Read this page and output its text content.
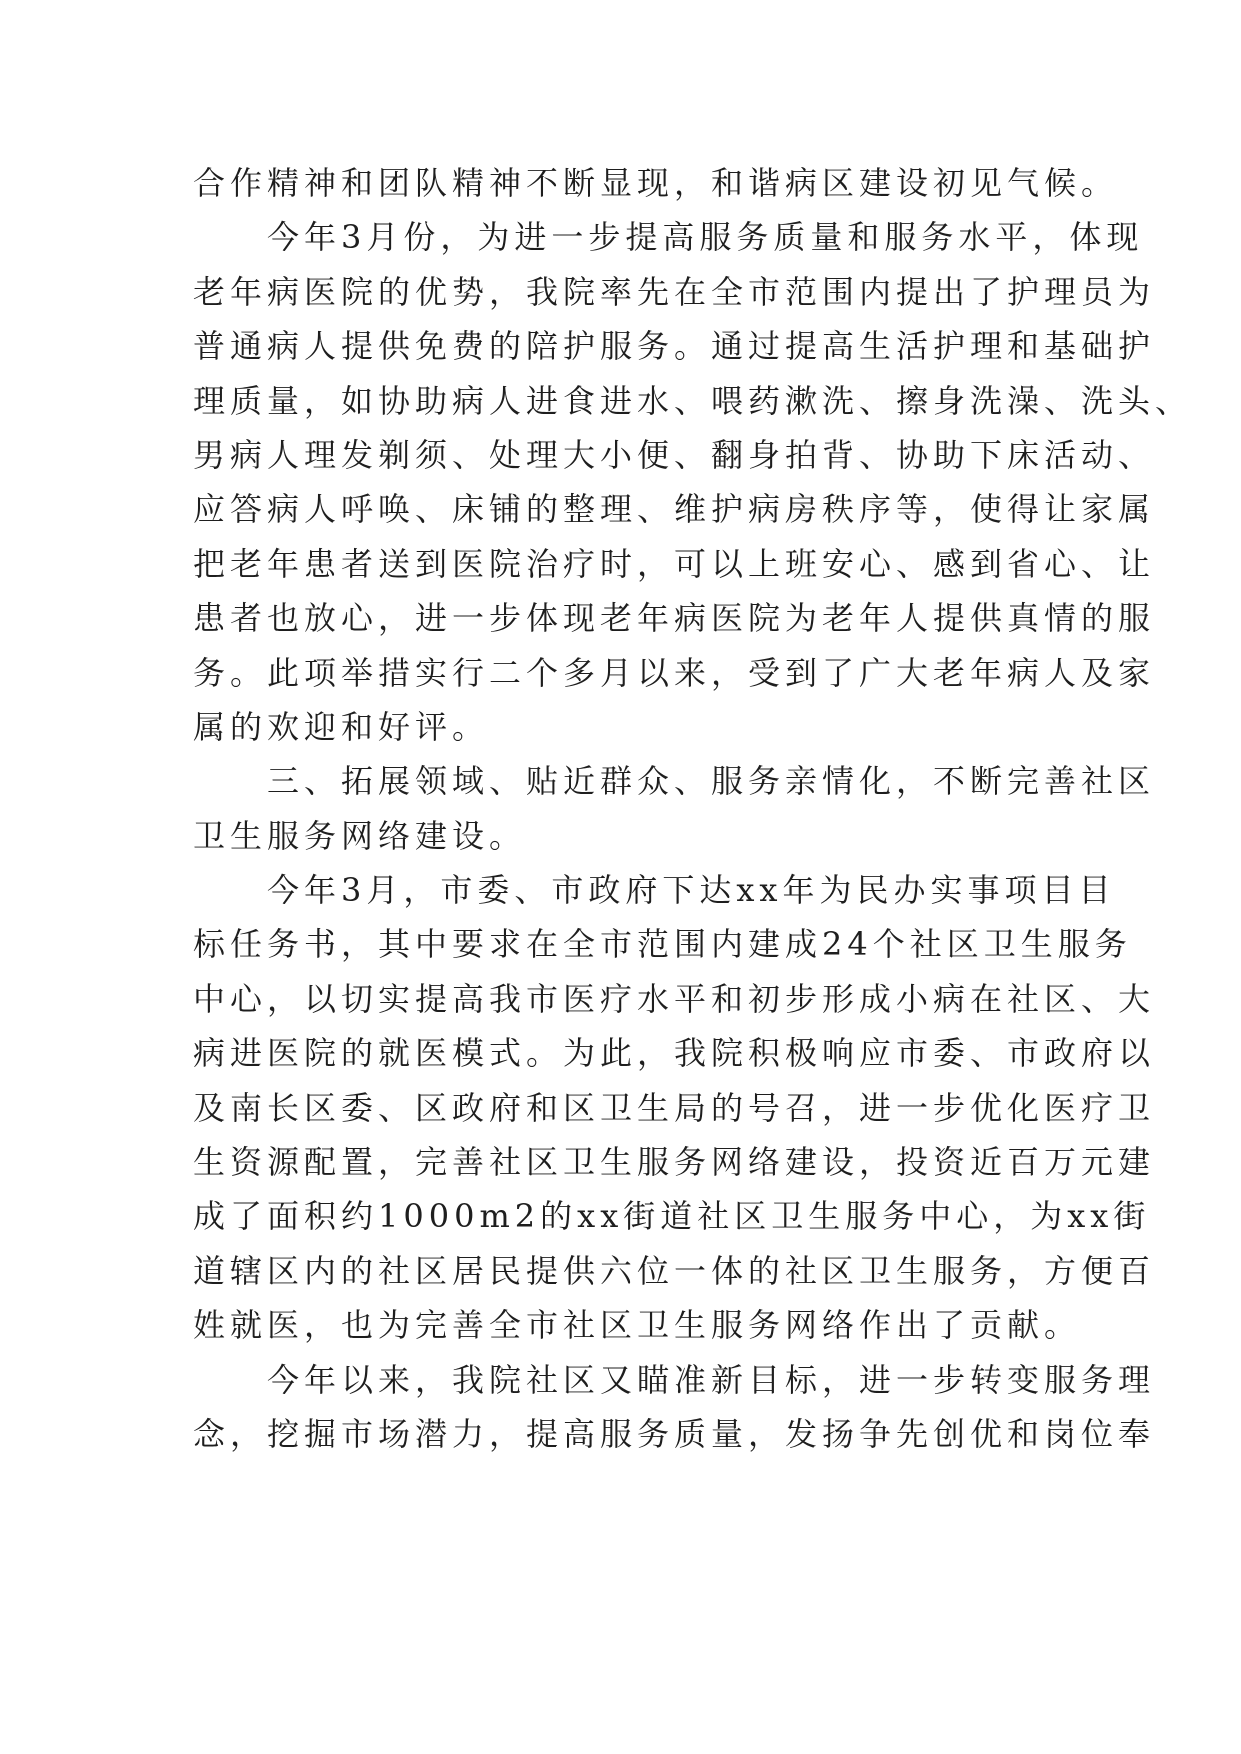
合作精神和团队精神不断显现，和谐病区建设初见气候。
　　今年3月份，为进一步提高服务质量和服务水平，体现
老年病医院的优势，我院率先在全市范围内提出了护理员为
普通病人提供免费的陪护服务。通过提高生活护理和基础护
理质量，如协助病人进食进水、喂药漱洗、擦身洗澡、洗头、
男病人理发剃须、处理大小便、翻身拍背、协助下床活动、
应答病人呼唤、床铺的整理、维护病房秩序等，使得让家属
把老年患者送到医院治疗时，可以上班安心、感到省心、让
患者也放心，进一步体现老年病医院为老年人提供真情的服
务。此项举措实行二个多月以来，受到了广大老年病人及家
属的欢迎和好评。
　　三、拓展领域、贴近群众、服务亲情化，不断完善社区
卫生服务网络建设。
　　今年3月，市委、市政府下达xx年为民办实事项目目
标任务书，其中要求在全市范围内建成24个社区卫生服务
中心，以切实提高我市医疗水平和初步形成小病在社区、大
病进医院的就医模式。为此，我院积极响应市委、市政府以
及南长区委、区政府和区卫生局的号召，进一步优化医疗卫
生资源配置，完善社区卫生服务网络建设，投资近百万元建
成了面积约1000m2的xx街道社区卫生服务中心，为xx街
道辖区内的社区居民提供六位一体的社区卫生服务，方便百
姓就医，也为完善全市社区卫生服务网络作出了贡献。
　　今年以来，我院社区又瞄准新目标，进一步转变服务理
念，挖掘市场潜力，提高服务质量，发扬争先创优和岗位奉
